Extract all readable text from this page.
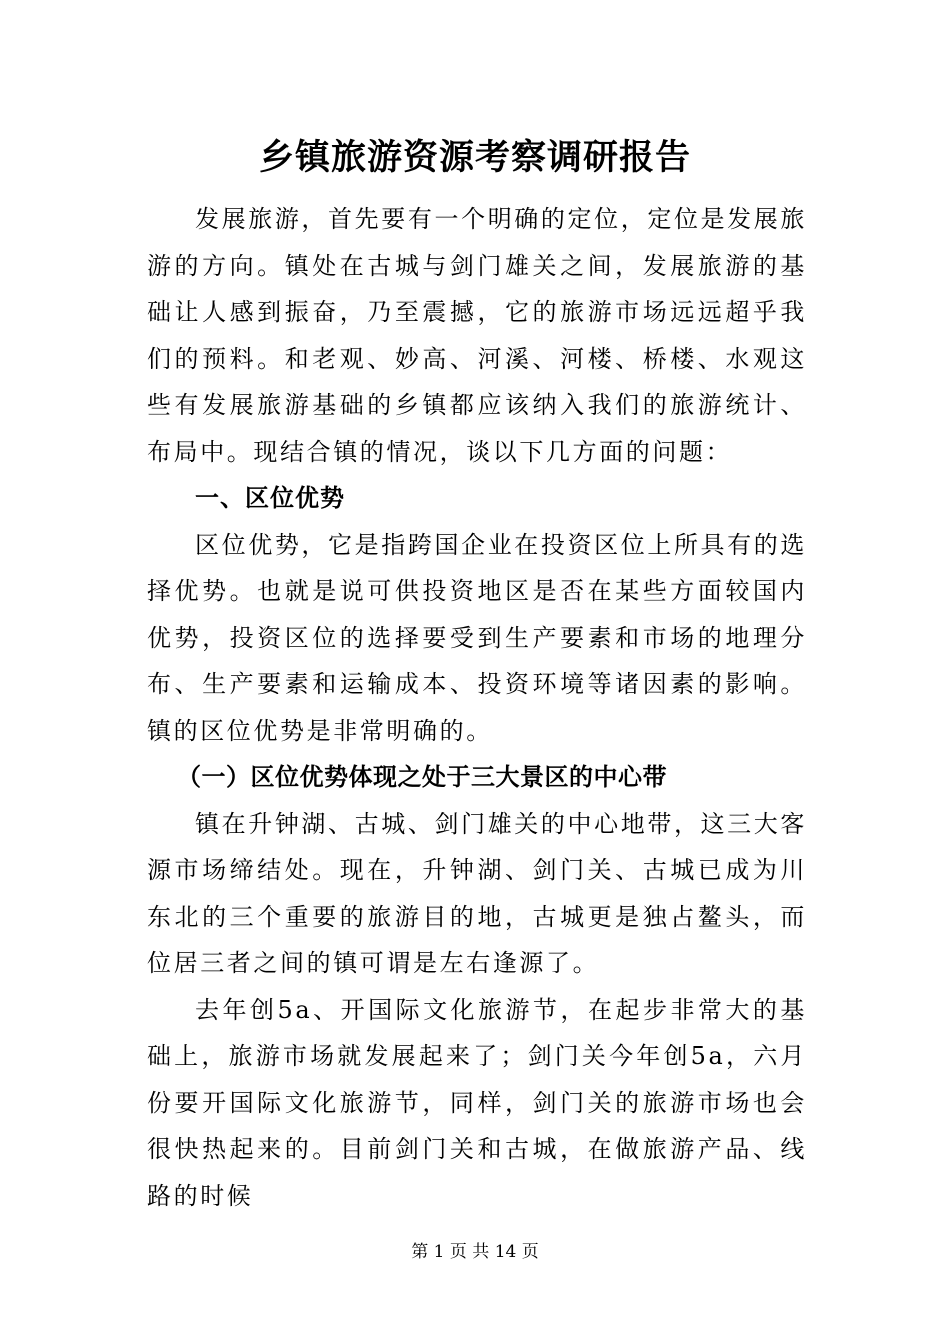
乡镇旅游资源考察调研报告

发展旅游，首先要有一个明确的定位，定位是发展旅游的方向。镇处在古城与剑门雄关之间，发展旅游的基础让人感到振奋，乃至震撼，它的旅游市场远远超乎我们的预料。和老观、妙高、河溪、河楼、桥楼、水观这些有发展旅游基础的乡镇都应该纳入我们的旅游统计、布局中。现结合镇的情况，谈以下几方面的问题：

一、区位优势

区位优势，它是指跨国企业在投资区位上所具有的选择优势。也就是说可供投资地区是否在某些方面较国内优势，投资区位的选择要受到生产要素和市场的地理分布、生产要素和运输成本、投资环境等诸因素的影响。镇的区位优势是非常明确的。

（一）区位优势体现之处于三大景区的中心带

镇在升钟湖、古城、剑门雄关的中心地带，这三大客源市场缔结处。现在，升钟湖、剑门关、古城已成为川东北的三个重要的旅游目的地，古城更是独占鳌头，而位居三者之间的镇可谓是左右逢源了。

去年创5a、开国际文化旅游节，在起步非常大的基础上，旅游市场就发展起来了；剑门关今年创5a，六月份要开国际文化旅游节，同样，剑门关的旅游市场也会很快热起来的。目前剑门关和古城，在做旅游产品、线路的时候

第 1 页 共 14 页
